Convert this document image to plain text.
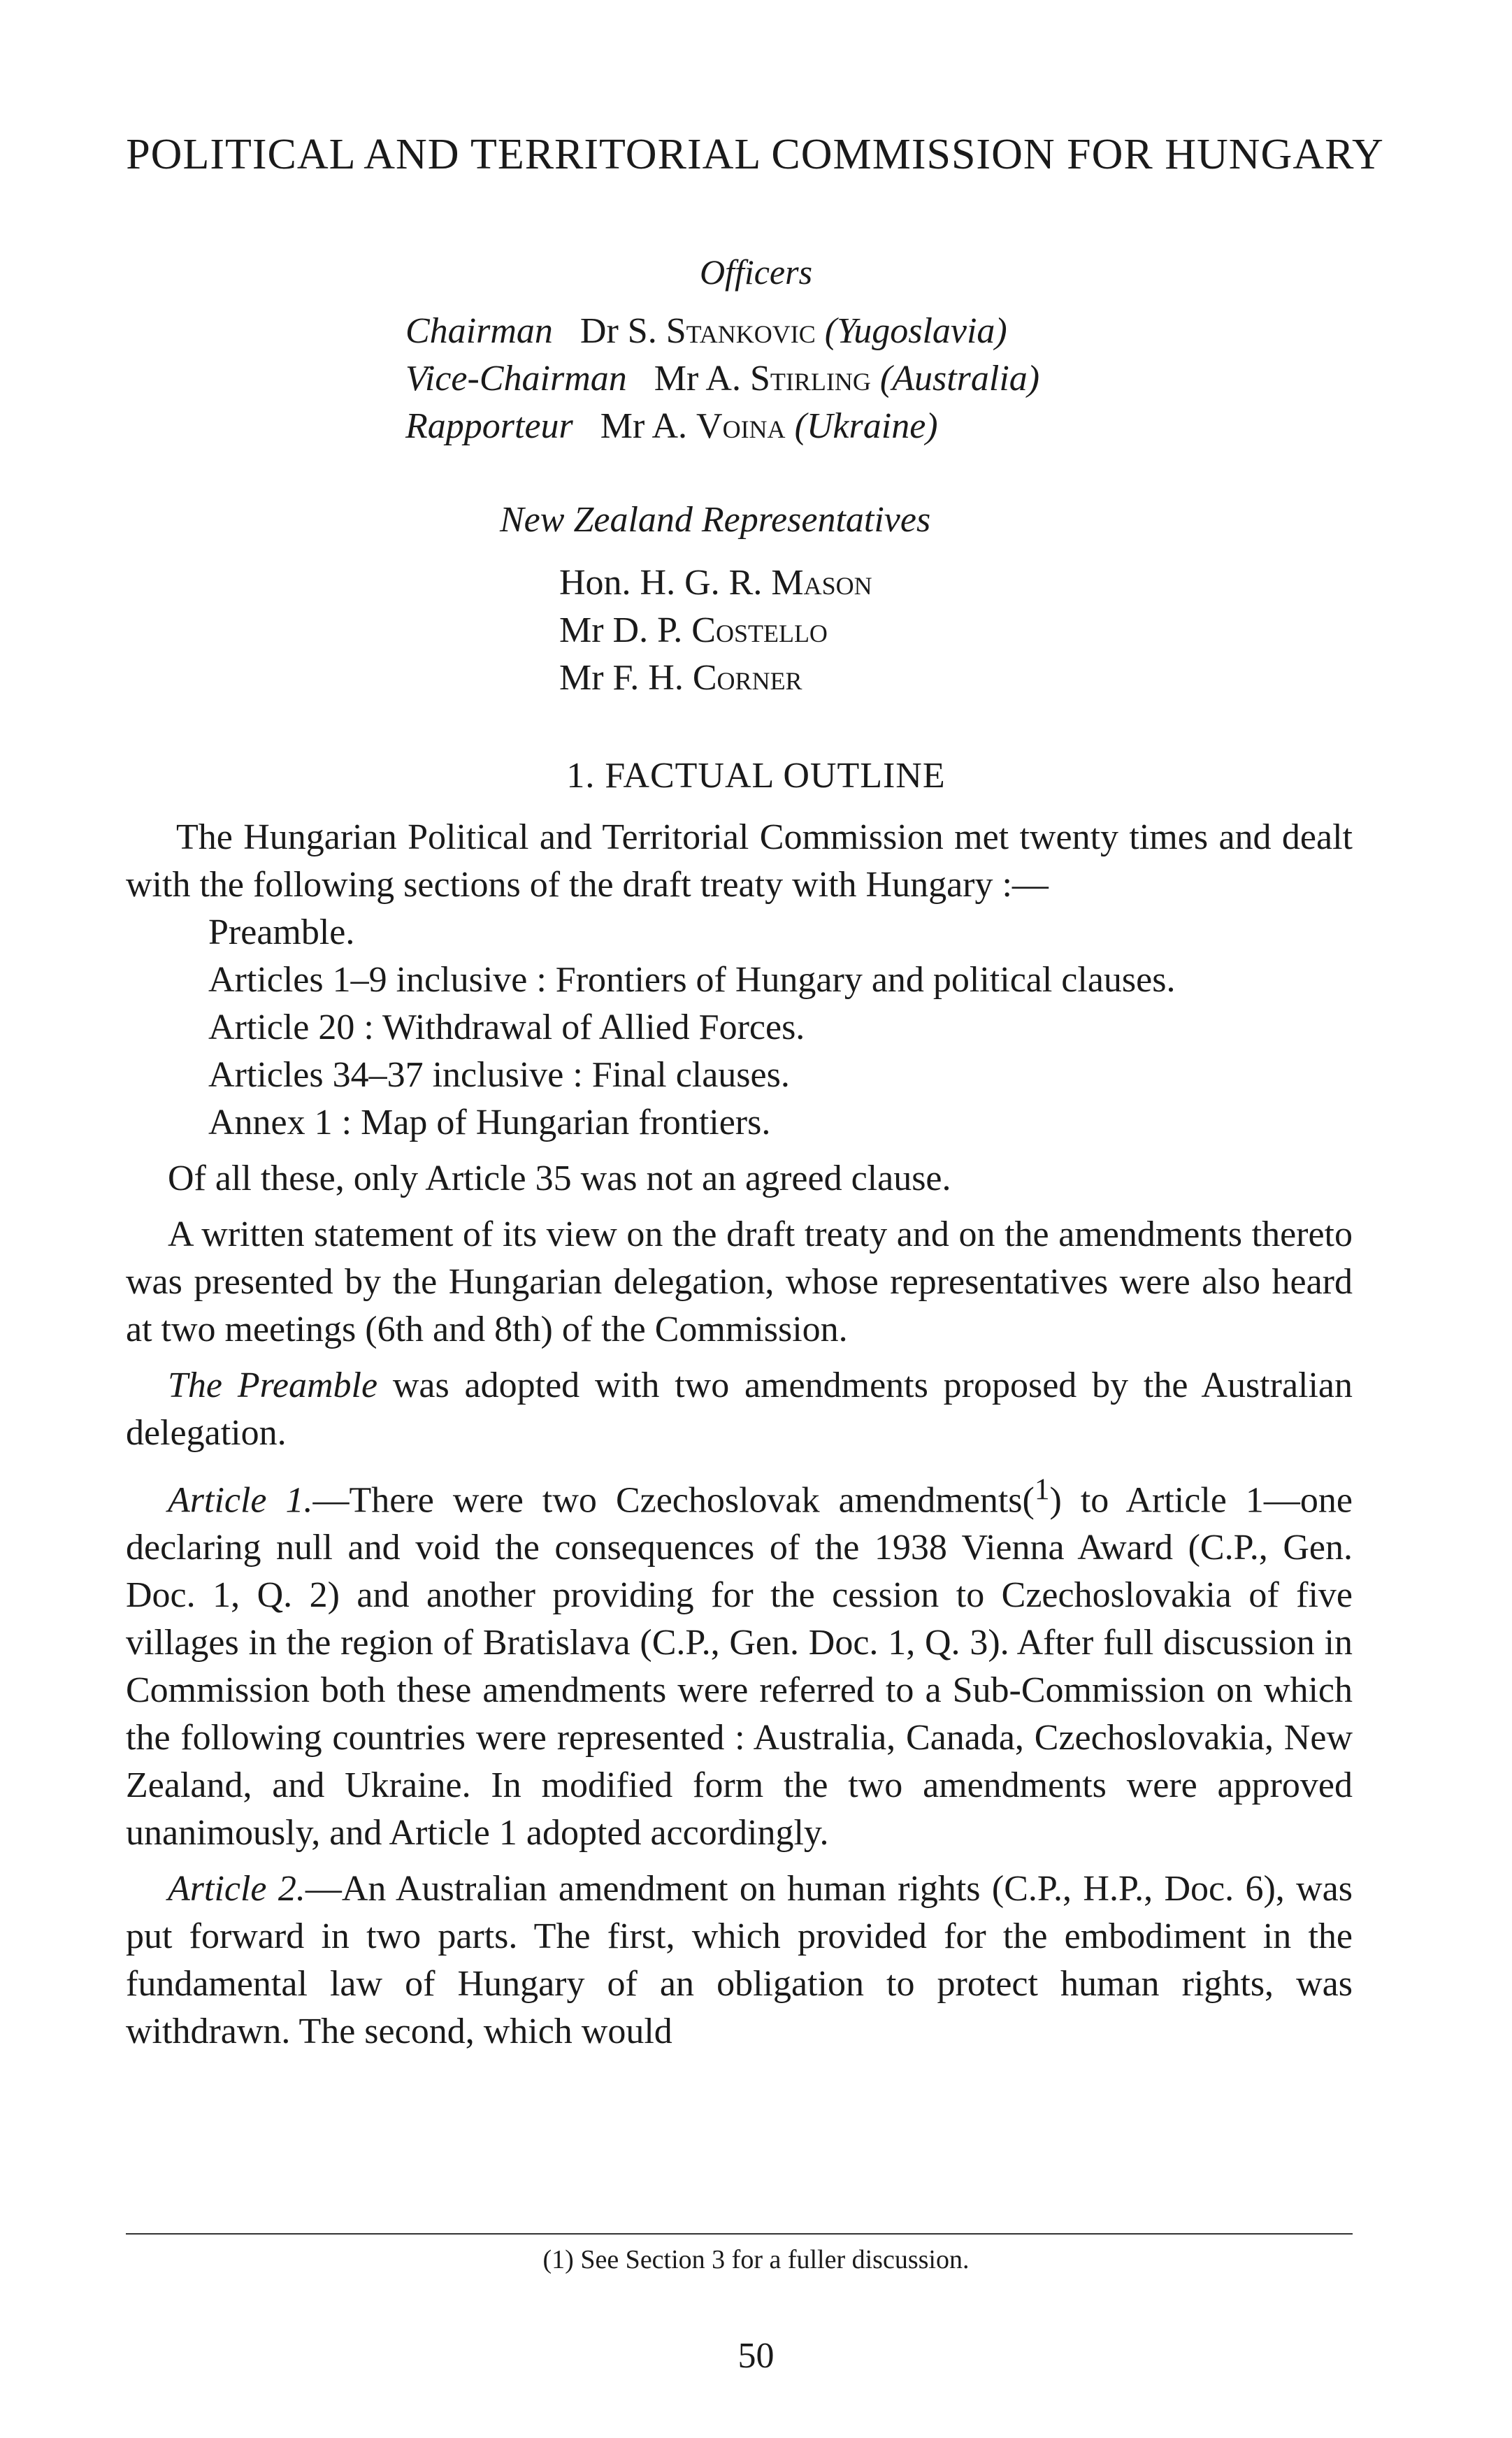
POLITICAL AND TERRITORIAL COMMISSION FOR HUNGARY
Officers
Chairman Dr S. Stankovic (Yugoslavia)
Vice-Chairman Mr A. Stirling (Australia)
Rapporteur Mr A. Voina (Ukraine)
New Zealand Representatives
Hon. H. G. R. Mason
Mr D. P. Costello
Mr F. H. Corner
1. FACTUAL OUTLINE

The Hungarian Political and Territorial Commission met twenty times and dealt with the following sections of the draft treaty with Hungary :—

Preamble.
Articles 1–9 inclusive : Frontiers of Hungary and political clauses.
Article 20 : Withdrawal of Allied Forces.
Articles 34–37 inclusive : Final clauses.
Annex 1 : Map of Hungarian frontiers.

Of all these, only Article 35 was not an agreed clause.

A written statement of its view on the draft treaty and on the amendments thereto was presented by the Hungarian delegation, whose representatives were also heard at two meetings (6th and 8th) of the Commission.

The Preamble was adopted with two amendments proposed by the Australian delegation.

Article 1.—There were two Czechoslovak amendments($^1$) to Article 1—one declaring null and void the consequences of the 1938 Vienna Award (C.P., Gen. Doc. 1, Q. 2) and another providing for the cession to Czechoslovakia of five villages in the region of Bratislava (C.P., Gen. Doc. 1, Q. 3). After full discussion in Commission both these amendments were referred to a Sub-Commission on which the following countries were represented : Australia, Canada, Czechoslovakia, New Zealand, and Ukraine. In modified form the two amendments were approved unanimously, and Article 1 adopted accordingly.

Article 2.—An Australian amendment on human rights (C.P., H.P., Doc. 6), was put forward in two parts. The first, which provided for the embodiment in the fundamental law of Hungary of an obligation to protect human rights, was withdrawn. The second, which would

(1) See Section 3 for a fuller discussion.
50
